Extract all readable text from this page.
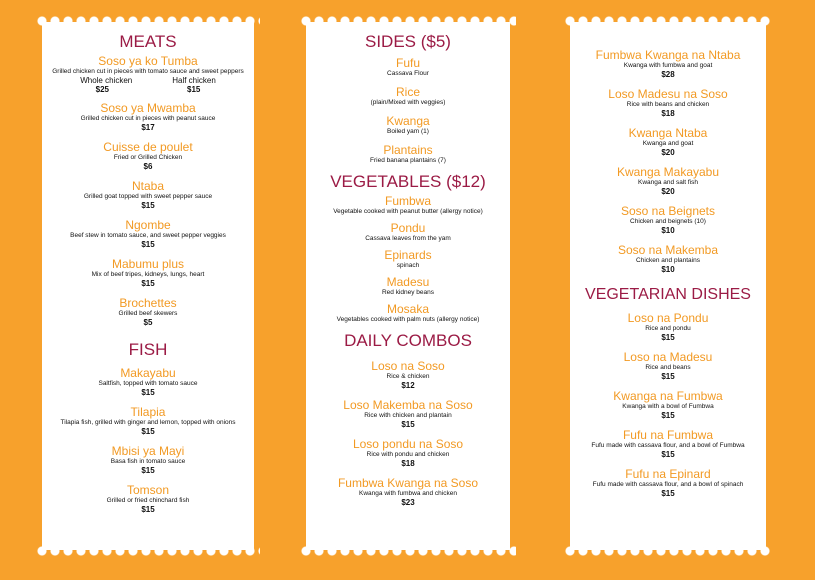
MEATS

Soso ya ko Tumba

Grilled chicken cut in pieces with tomato sauce and sweet peppers

Whole chicken	Half chicken
$25	$15

Soso ya Mwamba

Grilled chicken cut in pieces with peanut sauce

$17

Cuisse de poulet

Fried or Grilled Chicken

$6

Ntaba

Grilled goat topped with sweet pepper sauce

$15

Ngombe

Beef stew in tomato sauce, and sweet pepper veggies

$15

Mabumu plus

Mix of beef tripes, kidneys, lungs, heart

$15

Brochettes

Grilled beef skewers

$5

FISH

Makayabu

Saltfish, topped with tomato sauce

$15

Tilapia

Tilapia fish, grilled with ginger and lemon, topped with onions

$15

Mbisi ya Mayi

Basa fish in tomato sauce

$15

Tomson

Grilled or fried chinchard fish

$15

SIDES ($5)

Fufu

Cassava Flour

Rice

(plain/Mixed with veggies)

Kwanga

Boiled yam (1)

Plantains

Fried banana plantains (7)

VEGETABLES ($12)

Fumbwa

Vegetable cooked with peanut butter (allergy notice)

Pondu

Cassava leaves from the yam

Epinards

spinach

Madesu

Red kidney beans

Mosaka

Vegetables cooked with palm nuts (allergy notice)

DAILY COMBOS

Loso na Soso

Rice & chicken

$12

Loso Makemba na Soso

Rice with chicken and plantain

$15

Loso pondu na Soso

Rice with pondu and chicken

$18

Fumbwa Kwanga na Soso

Kwanga with fumbwa and chicken

$23

Fumbwa Kwanga na Ntaba

Kwanga with fumbwa and goat

$28

Loso Madesu na Soso

Rice with beans and chicken

$18

Kwanga Ntaba

Kwanga and goat

$20

Kwanga Makayabu

Kwanga and salt fish

$20

Soso na Beignets

Chicken and beignets (10)

$10

Soso na Makemba

Chicken and plantains

$10

VEGETARIAN DISHES

Loso na Pondu

Rice and pondu

$15

Loso na Madesu

Rice and beans

$15

Kwanga na Fumbwa

Kwanga with a bowl of Fumbwa

$15

Fufu na Fumbwa

Fufu made with cassava flour, and a bowl of Fumbwa

$15

Fufu na Epinard

Fufu made with cassava flour, and a bowl of spinach

$15
